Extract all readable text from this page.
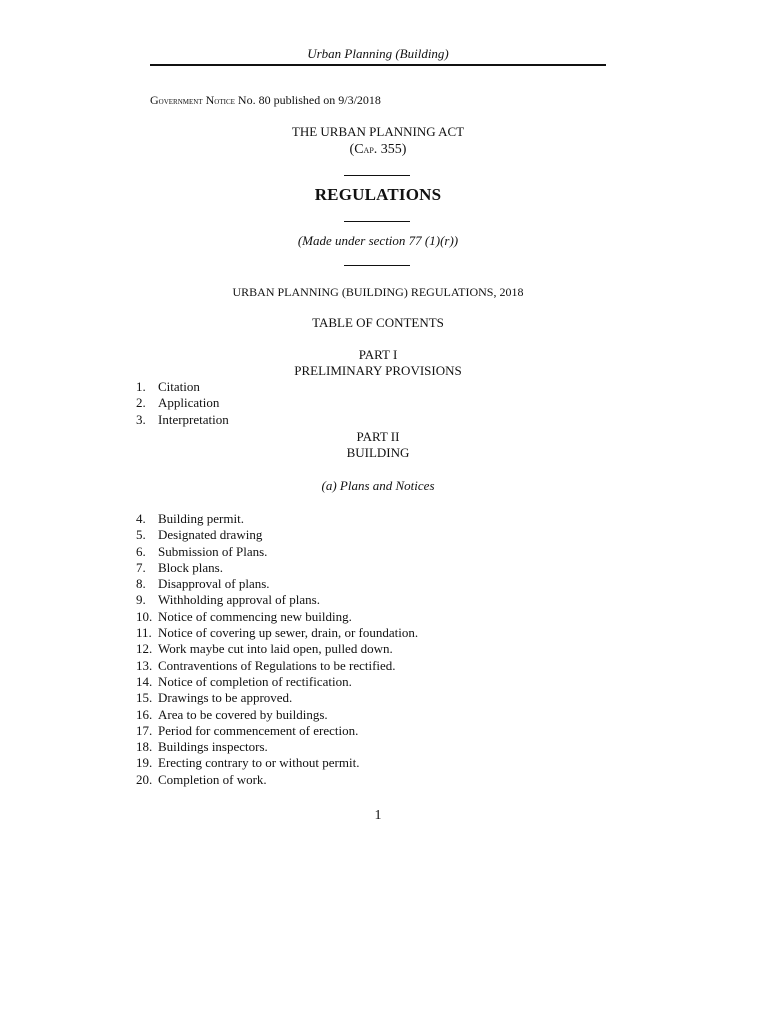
Urban Planning (Building)
Government Notice No. 80 published on 9/3/2018
THE URBAN PLANNING ACT
(Cap. 355)
REGULATIONS
(Made under section 77 (1)(r))
URBAN PLANNING (BUILDING) REGULATIONS, 2018
TABLE OF CONTENTS
PART I
PRELIMINARY PROVISIONS
1. Citation
2. Application
3. Interpretation
PART II
BUILDING
(a) Plans and Notices
4. Building permit.
5. Designated drawing
6. Submission of Plans.
7. Block plans.
8. Disapproval of plans.
9. Withholding approval of plans.
10. Notice of commencing new building.
11. Notice of covering up sewer, drain, or foundation.
12. Work maybe cut into laid open, pulled down.
13. Contraventions of Regulations to be rectified.
14. Notice of completion of rectification.
15. Drawings to be approved.
16. Area to be covered by buildings.
17. Period for commencement of erection.
18. Buildings inspectors.
19. Erecting contrary to or without permit.
20. Completion of work.
1
